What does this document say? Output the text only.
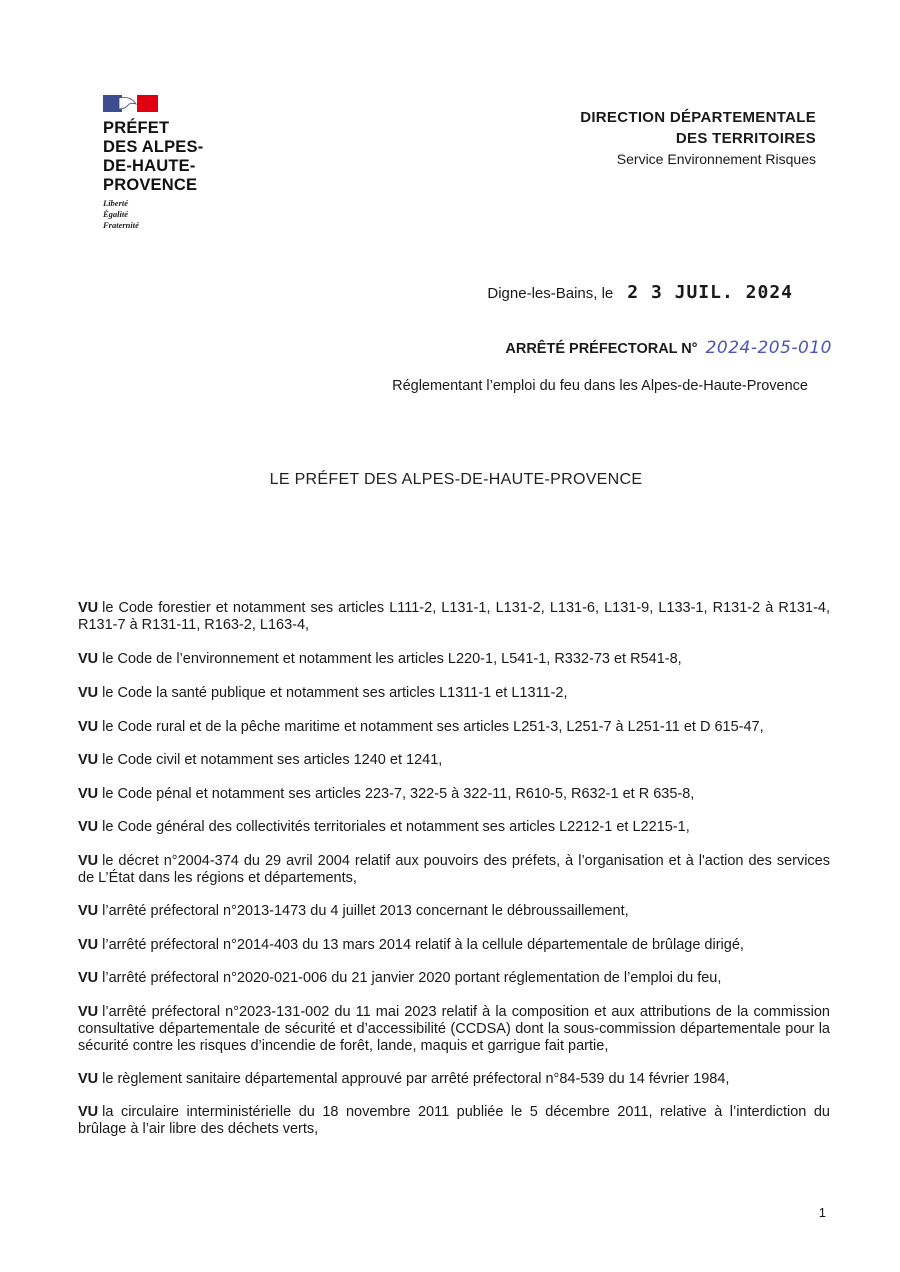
PRÉFET
DES ALPES-
DE-HAUTE-
PROVENCE
Liberté
Égalité
Fraternité
DIRECTION DÉPARTEMENTALE
DES TERRITOIRES
Service Environnement Risques
Digne-les-Bains, le 2 3 JUIL. 2024
ARRÊTÉ PRÉFECTORAL N° 2024-205-010
Réglementant l’emploi du feu dans les Alpes-de-Haute-Provence
LE PRÉFET DES ALPES-DE-HAUTE-PROVENCE

VU le Code forestier et notamment ses articles L111-2, L131-1, L131-2, L131-6, L131-9, L133-1, R131-2 à R131-4, R131-7 à R131-11, R163-2, L163-4,

VU le Code de l’environnement et notamment les articles L220-1, L541-1, R332-73 et R541-8,

VU le Code la santé publique et notamment ses articles L1311-1 et L1311-2,

VU le Code rural et de la pêche maritime et notamment ses articles L251-3, L251-7 à L251-11 et D 615-47,

VU le Code civil et notamment ses articles 1240 et 1241,

VU le Code pénal et notamment ses articles 223-7, 322-5 à 322-11, R610-5, R632-1 et R 635-8,

VU le Code général des collectivités territoriales et notamment ses articles L2212-1 et L2215-1,

VU le décret n°2004-374 du 29 avril 2004 relatif aux pouvoirs des préfets, à l’organisation et à l'action des services de L’État dans les régions et départements,

VU l’arrêté préfectoral n°2013-1473 du 4 juillet 2013 concernant le débroussaillement,

VU l’arrêté préfectoral n°2014-403 du 13 mars 2014 relatif à la cellule départementale de brûlage dirigé,

VU l’arrêté préfectoral n°2020-021-006 du 21 janvier 2020 portant réglementation de l’emploi du feu,

VU l’arrêté préfectoral n°2023-131-002 du 11 mai 2023 relatif à la composition et aux attributions de la commission consultative départementale de sécurité et d’accessibilité (CCDSA) dont la sous-commission départementale pour la sécurité contre les risques d’incendie de forêt, lande, maquis et garrigue fait partie,

VU le règlement sanitaire départemental approuvé par arrêté préfectoral n°84-539 du 14 février 1984,

VU la circulaire interministérielle du 18 novembre 2011 publiée le 5 décembre 2011, relative à l’interdiction du brûlage à l’air libre des déchets verts,

1
